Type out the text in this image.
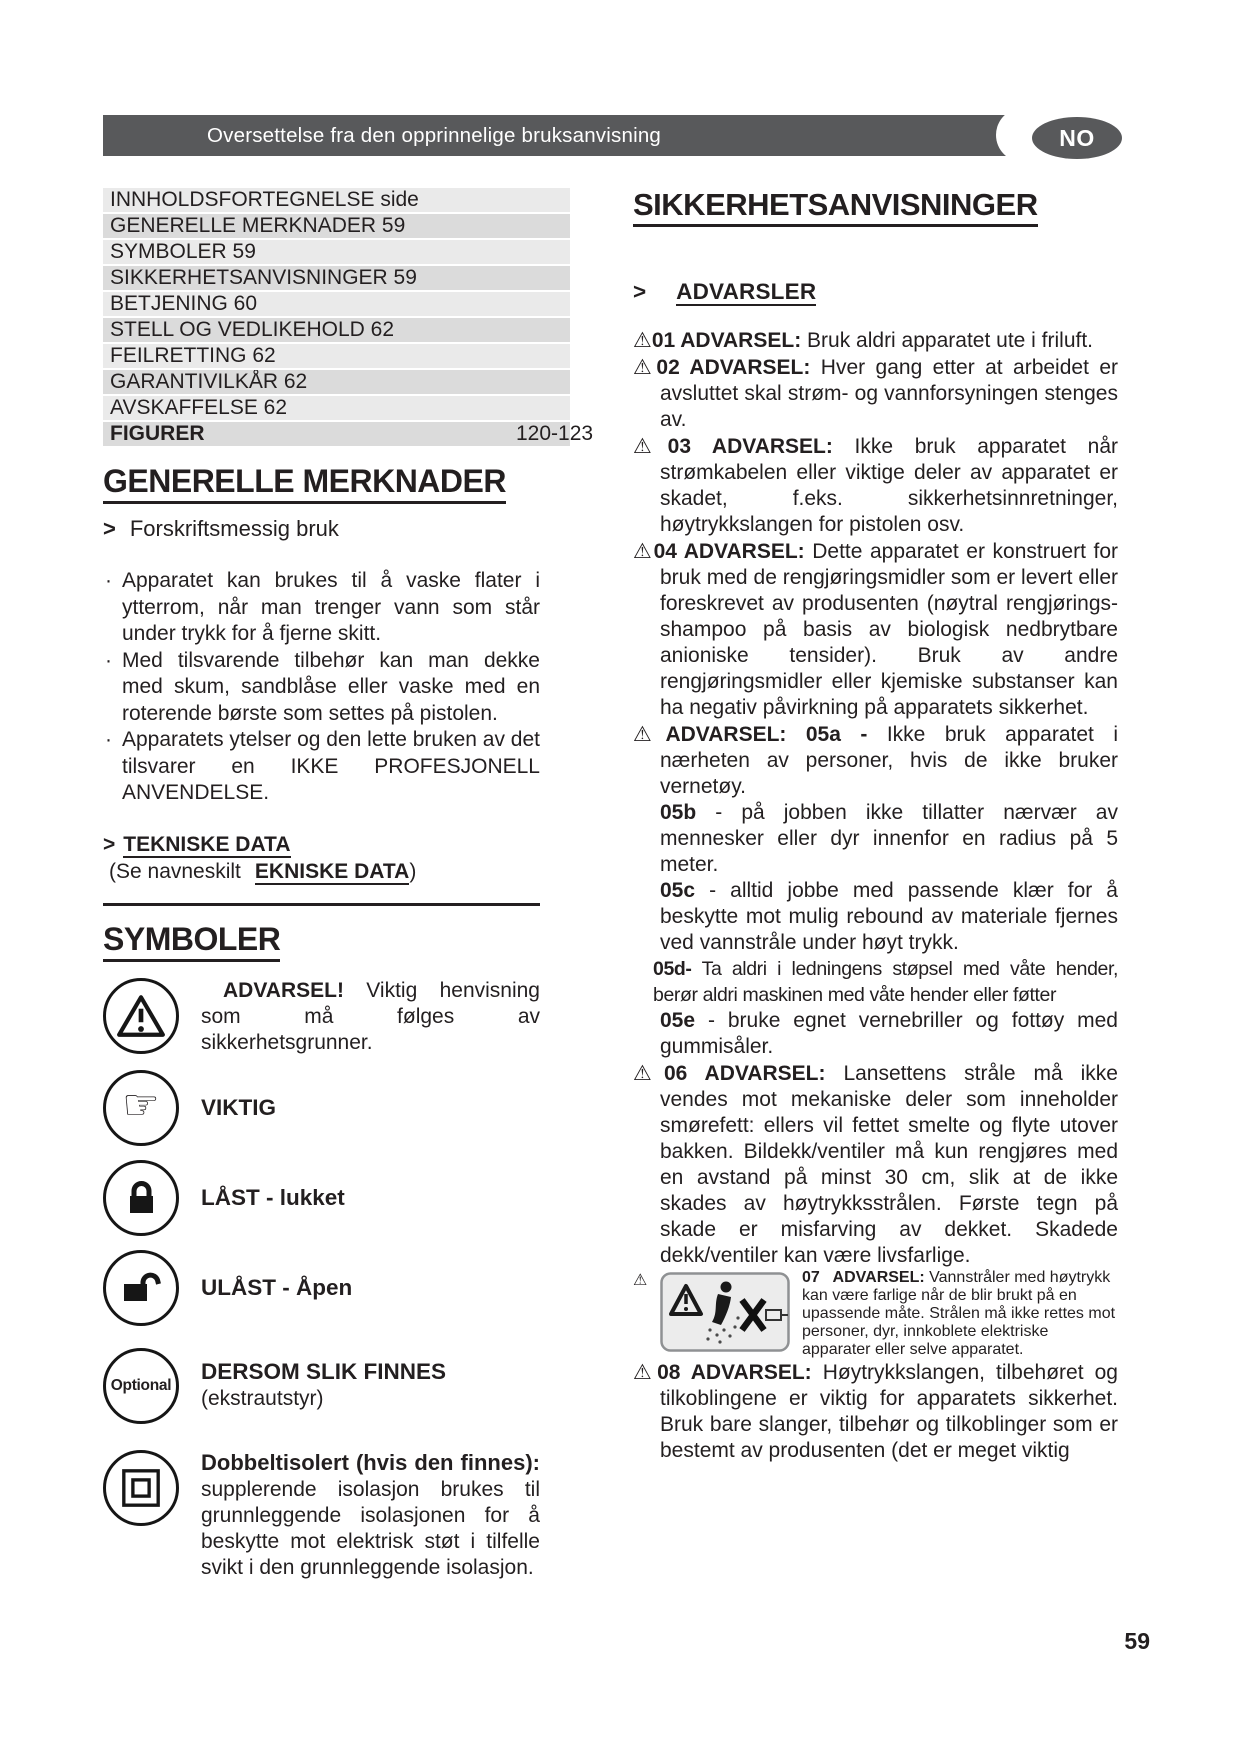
Oversettelse fra den opprinnelige bruksanvisning	NO
INNHOLDSFORTEGNELSE side
GENERELLE MERKNADER 59
SYMBOLER 59
SIKKERHETSANVISNINGER 59
BETJENING 60
STELL OG VEDLIKEHOLD 62
FEILRETTING 62
GARANTIVILKÅR 62
AVSKAFFELSE 62
FIGURER	120-123
GENERELLE MERKNADER
> Forskriftsmessig bruk

· Apparatet kan brukes til å vaske flater i ytterrom, når man trenger vann som står under trykk for å fjerne skitt.

· Med tilsvarende tilbehør kan man dekke med skum, sandblåse eller vaske med en roterende børste som settes på pistolen.

· Apparatets ytelser og den lette bruken av det tilsvarer en IKKE PROFESJONELL ANVENDELSE.

> TEKNISKE DATA
(Se navneskilt EKNISKE DATA)
SYMBOLER
ADVARSEL! Viktig henvisning som må følges av sikkerhetsgrunner.
☞ VIKTIG
LÅST - lukket
ULÅST - Åpen
Optional
DERSOM SLIK FINNES (ekstrautstyr)
Dobbeltisolert (hvis den finnes): supplerende isolasjon brukes til grunnleggende isolasjonen for å beskytte mot elektrisk støt i tilfelle svikt i den grunnleggende isolasjon.
SIKKERHETSANVISNINGER
> ADVARSLER

⚠01 ADVARSEL: Bruk aldri apparatet ute i friluft.

⚠02 ADVARSEL: Hver gang etter at arbeidet er avsluttet skal strøm- og vannforsyningen stenges av.

⚠03 ADVARSEL: Ikke bruk apparatet når strømkabelen eller viktige deler av apparatet er skadet, f.eks. sikkerhetsinnretninger, høytrykkslangen for pistolen osv.

⚠04 ADVARSEL: Dette apparatet er konstruert for bruk med de rengjøringsmidler som er levert eller foreskrevet av produsenten (nøytral rengjørings-shampoo på basis av biologisk nedbrytbare anioniske tensider). Bruk av andre rengjøringsmidler eller kjemiske substanser kan ha negativ påvirkning på apparatets sikkerhet.

⚠ADVARSEL: 05a - Ikke bruk apparatet i nærheten av personer, hvis de ikke bruker vernetøy.

05b - på jobben ikke tillatter nærvær av mennesker eller dyr innenfor en radius på 5 meter.

05c - alltid jobbe med passende klær for å beskytte mot mulig rebound av materiale fjernes ved vannstråle under høyt trykk.

05d- Ta aldri i ledningens støpsel med våte hender, berør aldri maskinen med våte hender eller føtter

05e - bruke egnet vernebriller og fottøy med gummisåler.

⚠06 ADVARSEL: Lansettens stråle må ikke vendes mot mekaniske deler som inneholder smørefett: ellers vil fettet smelte og flyte utover bakken. Bildekk/ventiler må kun rengjøres med en avstand på minst 30 cm, slik at de ikke skades av høytrykksstrålen. Første tegn på skade er misfarving av dekket. Skadede dekk/ventiler kan være livsfarlige.

⚠	07   ADVARSEL: Vannstråler med høytrykk kan være farlige når de blir brukt på en upassende måte. Strålen må ikke rettes mot personer, dyr, innkoblete elektriske apparater eller selve apparatet.

⚠08 ADVARSEL: Høytrykkslangen, tilbehøret og tilkoblingene er viktig for apparatets sikkerhet. Bruk bare slanger, tilbehør og tilkoblinger som er bestemt av produsenten (det er meget viktig

59
